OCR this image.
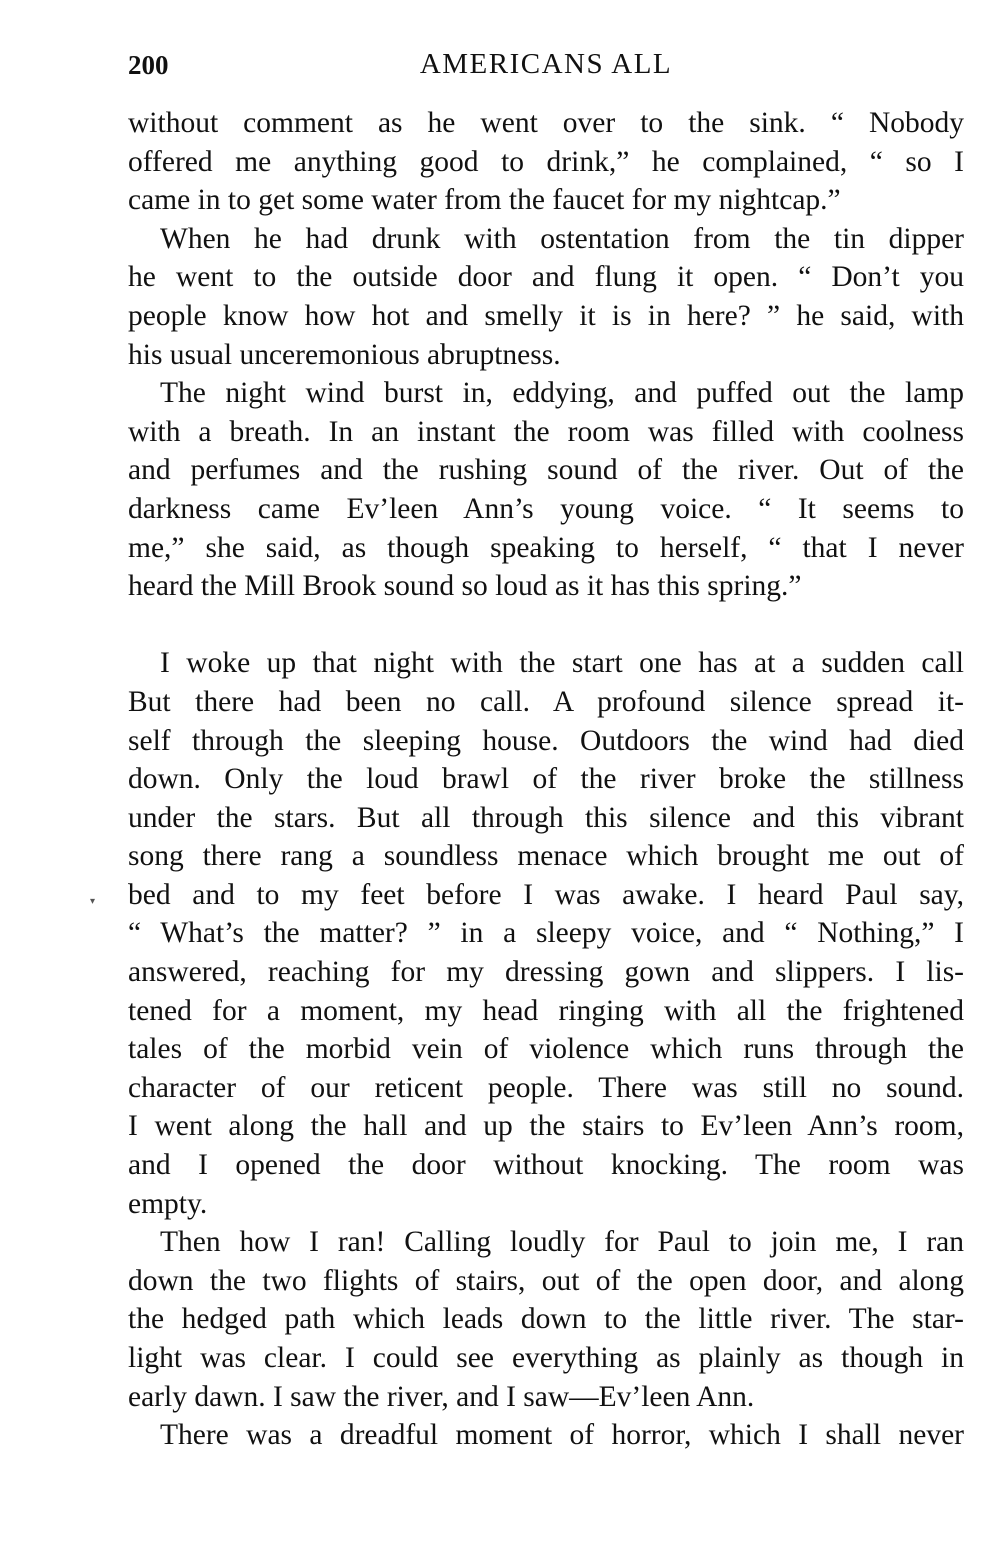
200	AMERICANS ALL
without comment as he went over to the sink. “ Nobody
offered me anything good to drink,” he complained, “ so I
came in to get some water from the faucet for my nightcap.”
When he had drunk with ostentation from the tin dipper
he went to the outside door and flung it open. “ Don’t you
people know how hot and smelly it is in here? ” he said, with
his usual unceremonious abruptness.
The night wind burst in, eddying, and puffed out the lamp
with a breath. In an instant the room was filled with coolness
and perfumes and the rushing sound of the river. Out of the
darkness came Ev’leen Ann’s young voice. “ It seems to
me,” she said, as though speaking to herself, “ that I never
heard the Mill Brook sound so loud as it has this spring.”
I woke up that night with the start one has at a sudden call
But there had been no call. A profound silence spread it-
self through the sleeping house. Outdoors the wind had died
down. Only the loud brawl of the river broke the stillness
under the stars. But all through this silence and this vibrant
song there rang a soundless menace which brought me out of
bed and to my feet before I was awake. I heard Paul say,
“ What’s the matter? ” in a sleepy voice, and “ Nothing,” I
answered, reaching for my dressing gown and slippers. I lis-
tened for a moment, my head ringing with all the frightened
tales of the morbid vein of violence which runs through the
character of our reticent people. There was still no sound.
I went along the hall and up the stairs to Ev’leen Ann’s room,
and I opened the door without knocking. The room was
empty.
Then how I ran! Calling loudly for Paul to join me, I ran
down the two flights of stairs, out of the open door, and along
the hedged path which leads down to the little river. The star-
light was clear. I could see everything as plainly as though in
early dawn. I saw the river, and I saw—Ev’leen Ann.
There was a dreadful moment of horror, which I shall never
▾
